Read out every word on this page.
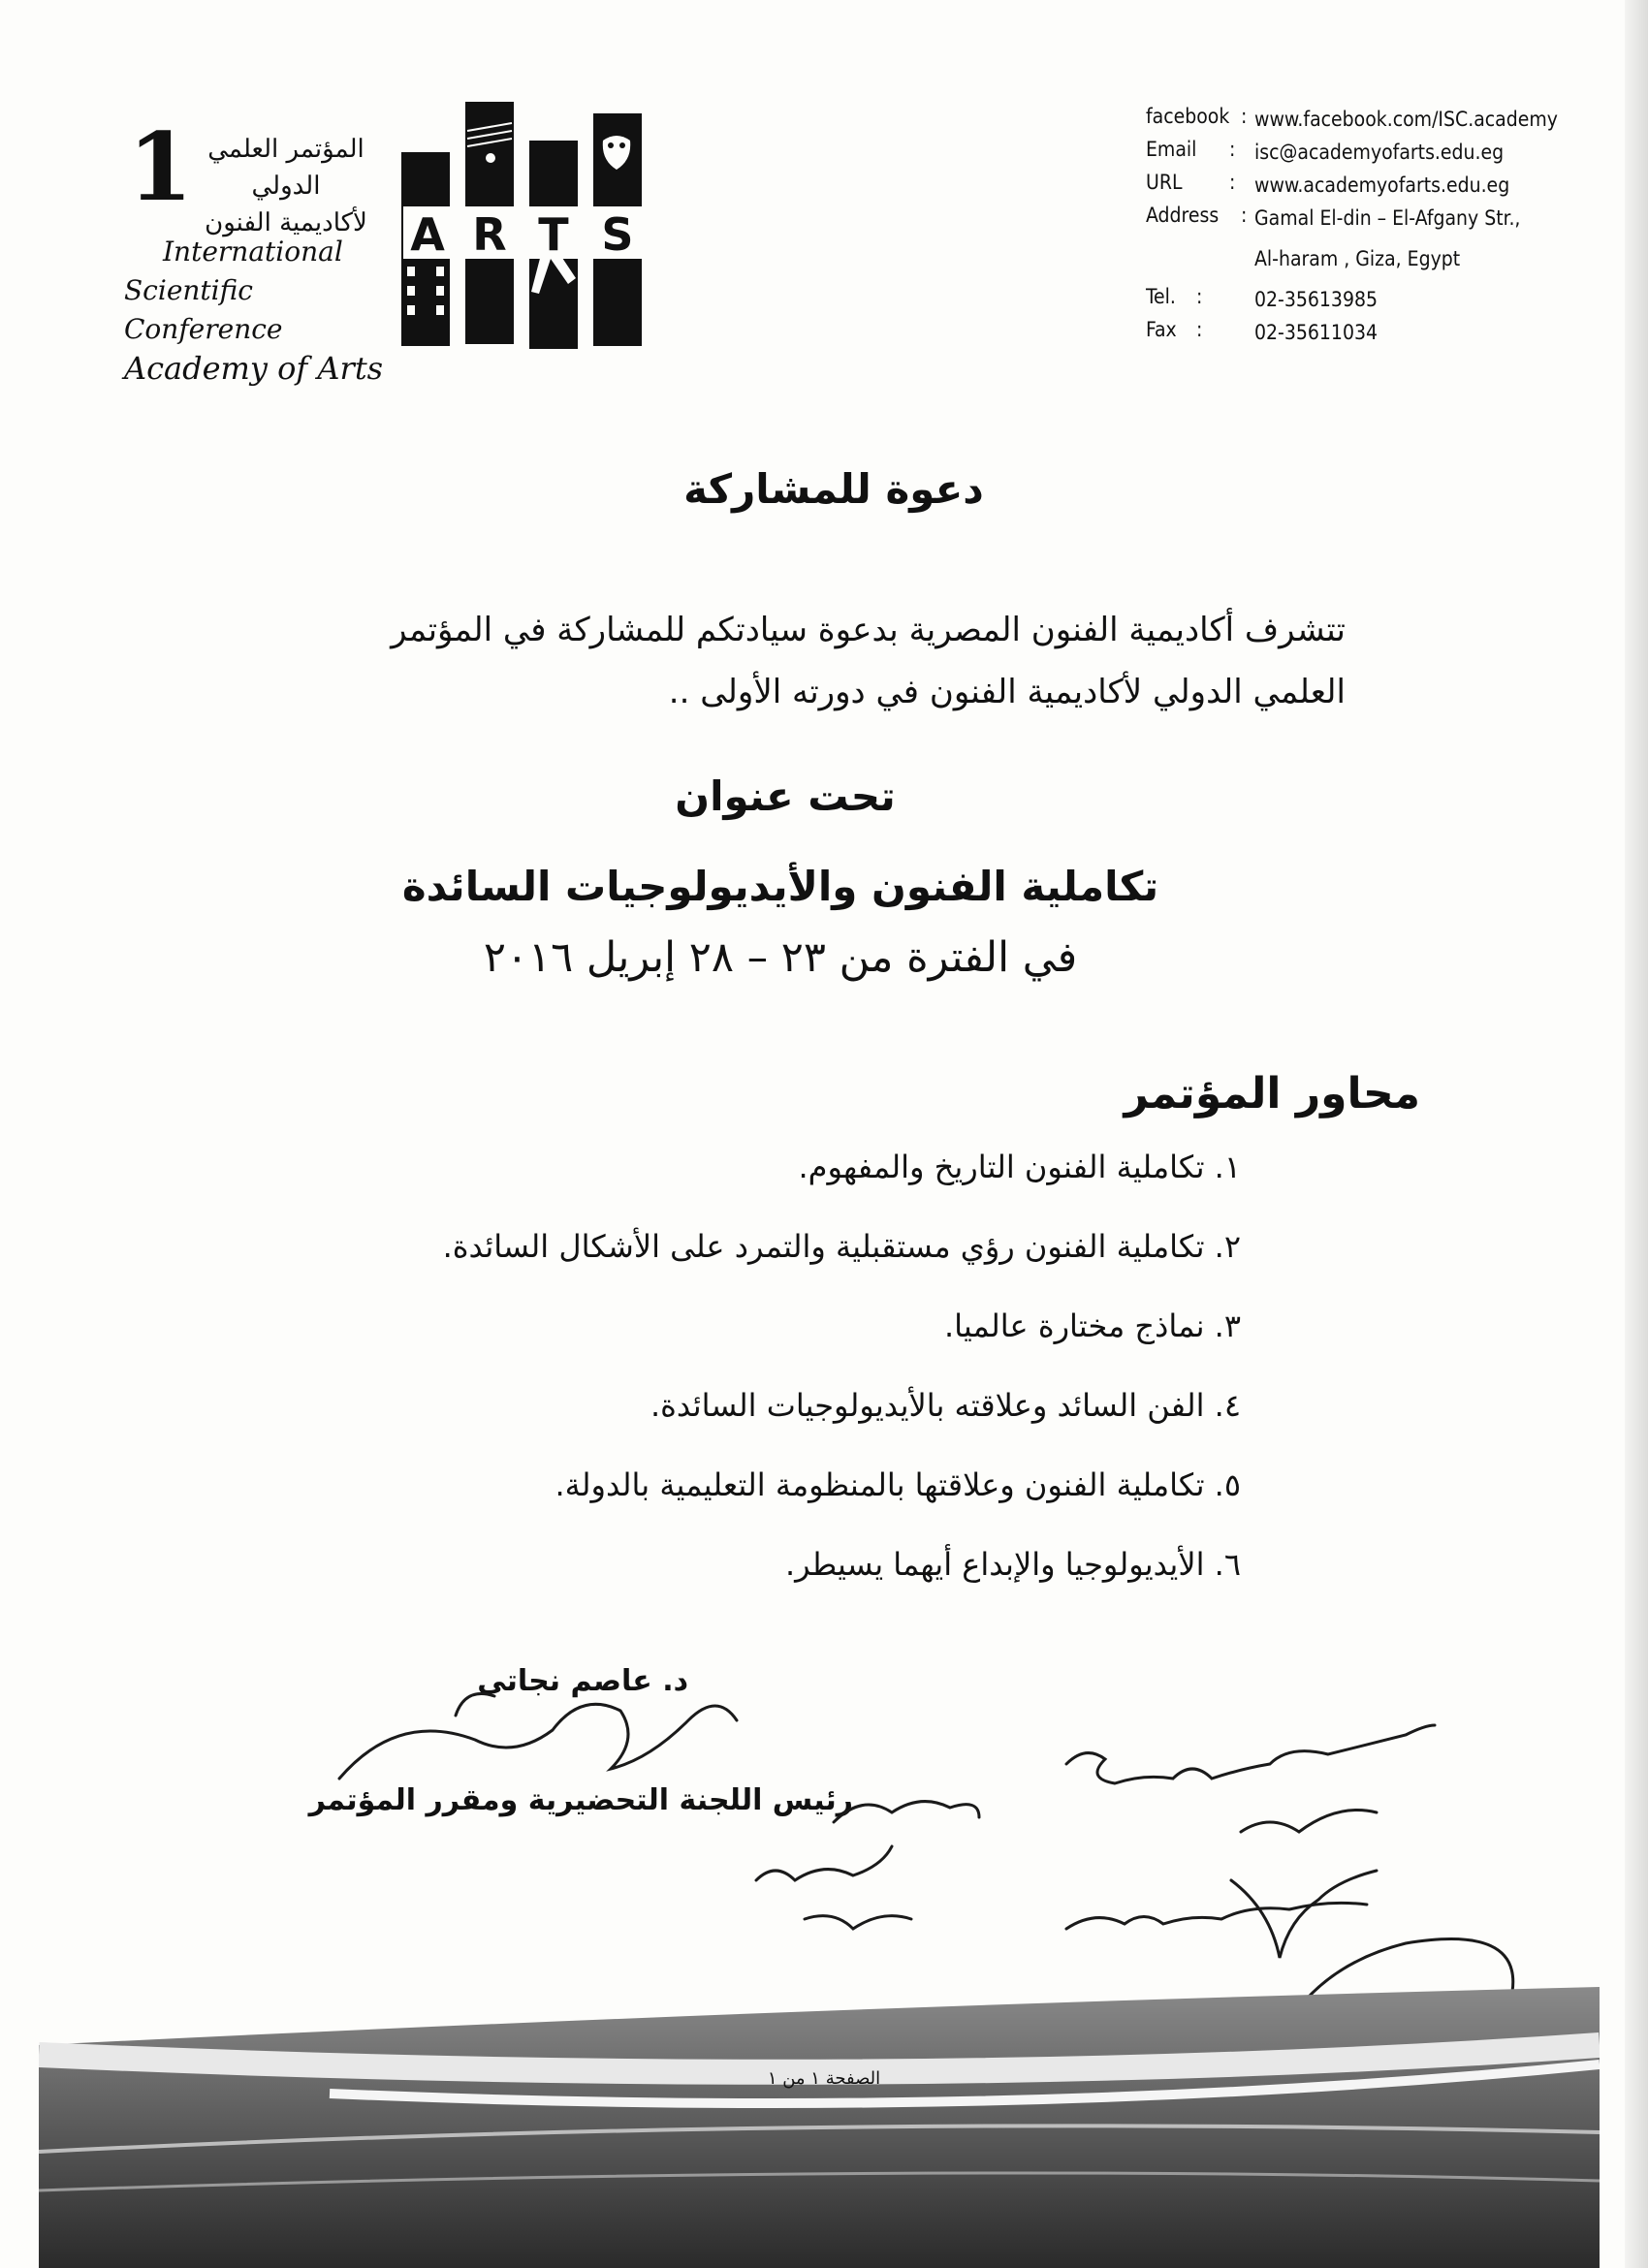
1 المؤتمر العلمي الدولي
لأكاديمية الفنون
International
Scientific Conference
Academy of Arts
A R T S
facebook : www.facebook.com/ISC.academy
Email	: isc@academyofarts.edu.eg
URL	: www.academyofarts.edu.eg
Address	: Gamal El-din – El-Afgany Str., Al-haram , Giza, Egypt
Tel.	:	02-35613985
Fax :	02-35611034
دعوة للمشاركة
تتشرف أكاديمية الفنون المصرية بدعوة سيادتكم للمشاركة في المؤتمر
العلمي الدولي لأكاديمية الفنون في دورته الأولى ..
تحت عنوان
تكاملية الفنون والأيديولوجيات السائدة
في الفترة من ٢٣ – ٢٨ إبريل ٢٠١٦
محاور المؤتمر
١. تكاملية الفنون التاريخ والمفهوم.
٢. تكاملية الفنون رؤي مستقبلية والتمرد على الأشكال السائدة.
٣. نماذج مختارة عالميا.
٤. الفن السائد وعلاقته بالأيديولوجيات السائدة.
٥. تكاملية الفنون وعلاقتها بالمنظومة التعليمية بالدولة.
٦. الأيديولوجيا والإبداع أيهما يسيطر.
د. عاصم نجاتى
رئيس اللجنة التحضيرية ومقرر المؤتمر
الصفحة ١ من ١
